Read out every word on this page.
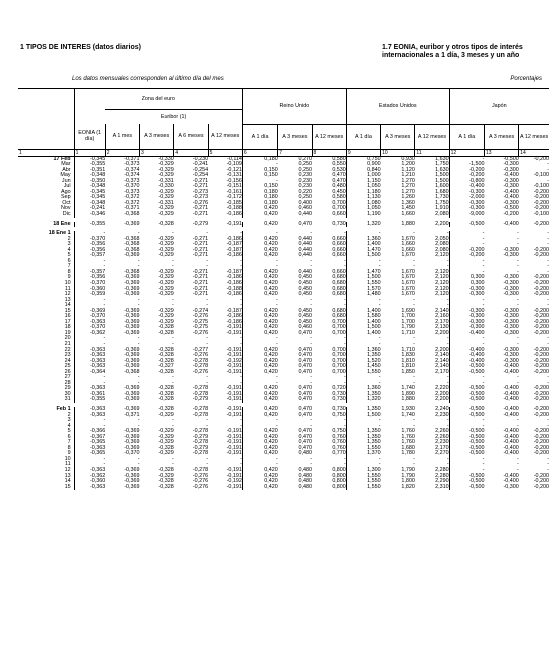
1 TIPOS DE INTERES (datos diarios)	1.7 EONIA, euribor y otros tipos de interés internacionales a 1 día, 3 meses y un año
Los datos mensuales corresponden al último día del mes	Porcentajes
	Zona del euro					Reino Unido			Estados Unidos			Japón		
		Euribor (1)												
	EONIA (1 día)	A 1 mes	A 3 meses	A 6 meses	A 12 meses	A 1 día	A 3 meses	A 12 meses	A 1 día	A 3 meses	A 12 meses	A 1 día	A 3 meses	A 12 meses
1	1	2	3	4	5	6	7	8	9	10	11	12	13	14
17 Feb	-0,345	-0,371	-0,330	-0,230	-0,114	0,180	0,270	0,580	0,750	0,930	1,630	-	-0,500	-0,200
Mar	-0,355	-0,373	-0,329	-0,241	-0,109	-	0,250	0,550	0,900	1,200	1,750	-1,500	-0,300	-
Abr	-0,351	-0,374	-0,329	-0,254	-0,121	0,150	0,250	0,530	0,840	1,120	1,630	-0,200	-0,300	-
May	-0,348	-0,374	-0,329	-0,254	-0,131	0,150	0,230	0,470	1,000	1,210	1,500	-0,200	-0,400	-0,100
Jun	-0,350	-0,373	-0,331	-0,271	-0,156	-	0,230	0,470	1,150	1,270	1,500	-0,800	-0,300	-
Jul	-0,348	-0,370	-0,330	-0,271	-0,151	0,150	0,230	0,480	1,050	1,270	1,600	-0,400	-0,300	-0,100
Ago	-0,345	-0,373	-0,329	-0,273	-0,161	0,180	0,220	0,450	1,180	1,270	1,680	-0,300	-0,400	-0,200
Sep	-0,345	-0,372	-0,329	-0,273	-0,172	0,180	0,250	0,580	1,130	1,260	1,730	-2,000	-0,400	-0,200
Oct	-0,348	-0,372	-0,331	-0,276	-0,185	0,180	0,400	0,700	1,080	1,360	1,750	-0,300	-0,300	-0,200
Nov	-0,241	-0,371	-0,329	-0,271	-0,188	0,420	0,460	0,700	1,050	1,450	1,910	-0,300	-0,500	-0,200
Dic	-0,346	-0,368	-0,329	-0,271	-0,186	0,420	0,440	0,660	1,190	1,660	2,080	-9,000	-0,200	-0,100

18 Ene	-0,355	-0,369	-0,328	-0,279	-0,191	0,420	0,470	0,730	1,320	1,880	2,200	-0,500	-0,400	-0,200

18 Ene 1	-	-	-	-	-	-	-	-	-	-	-	-	-	-
2	-0,370	-0,368	-0,329	-0,271	-0,186	0,420	0,440	0,660	1,360	1,670	2,050	-	-	-
3	-0,356	-0,368	-0,329	-0,271	-0,187	0,420	0,440	0,660	1,400	1,660	2,080	-	-	-
4	-0,356	-0,368	-0,329	-0,271	-0,187	0,420	0,440	0,660	1,470	1,660	2,080	-0,200	-0,300	-0,200
5	-0,357	-0,369	-0,329	-0,271	-0,186	0,420	0,440	0,660	1,500	1,670	2,120	-0,200	-0,300	-0,200
6	-	-	-	-	-	-	-	-	-	-	-	-	-	-
7	-	-	-	-	-	-	-	-	-	-	-	-	-	-
8	-0,357	-0,368	-0,329	-0,271	-0,187	0,420	0,440	0,660	1,470	1,670	2,120	-	-	-
9	-0,356	-0,369	-0,329	-0,271	-0,186	0,420	0,450	0,680	1,500	1,670	2,120	0,300	-0,300	-0,200
10	-0,370	-0,369	-0,329	-0,271	-0,186	0,420	0,450	0,680	1,550	1,670	2,120	0,300	-0,300	-0,200
11	-0,360	-0,369	-0,329	-0,271	-0,188	0,420	0,450	0,680	1,570	1,670	2,120	-0,300	-0,300	-0,200
12	-0,359	-0,369	-0,329	-0,271	-0,186	0,420	0,450	0,680	1,480	1,670	2,120	-0,300	-0,300	-0,200
13	-	-	-	-	-	-	-	-	-	-	-	-	-	-
14	-	-	-	-	-	-	-	-	-	-	-	-	-	-
15	-0,369	-0,369	-0,329	-0,274	-0,187	0,420	0,450	0,680	1,400	1,690	2,140	-0,300	-0,300	-0,200
16	-0,370	-0,369	-0,329	-0,276	-0,186	0,420	0,450	0,680	1,580	1,700	2,160	-0,300	-0,300	-0,200
17	-0,363	-0,369	-0,329	-0,275	-0,186	0,420	0,450	0,700	1,400	1,700	2,170	-0,300	-0,300	-0,200
18	-0,370	-0,369	-0,328	-0,275	-0,191	0,420	0,460	0,700	1,500	1,790	2,130	-0,300	-0,300	-0,200
19	-0,362	-0,369	-0,328	-0,276	-0,191	0,420	0,470	0,700	1,400	1,710	2,200	-0,400	-0,300	-0,200
20	-	-	-	-	-	-	-	-	-	-	-	-	-	-
21	-	-	-	-	-	-	-	-	-	-	-	-	-	-
22	-0,363	-0,369	-0,328	-0,277	-0,191	0,420	0,470	0,700	1,360	1,710	2,200	-0,400	-0,300	-0,200
23	-0,363	-0,369	-0,328	-0,276	-0,191	0,420	0,470	0,700	1,350	1,830	2,140	-0,400	-0,300	-0,200
24	-0,363	-0,369	-0,328	-0,278	-0,192	0,420	0,470	0,700	1,520	1,810	2,140	-0,400	-0,300	-0,200
25	-0,363	-0,369	-0,327	-0,278	-0,191	0,420	0,470	0,700	1,450	1,810	2,140	-0,500	-0,400	-0,200
26	-0,364	-0,368	-0,328	-0,276	-0,191	0,420	0,470	0,700	1,550	1,850	2,170	-0,500	-0,400	-0,200
27	-	-	-	-	-	-	-	-	-	-	-	-	-	-
28	-	-	-	-	-	-	-	-	-	-	-	-	-	-
29	-0,363	-0,369	-0,328	-0,278	-0,191	0,420	0,470	0,720	1,360	1,740	2,220	-0,500	-0,400	-0,200
30	-0,361	-0,369	-0,328	-0,278	-0,191	0,420	0,470	0,730	1,350	1,890	2,200	-0,500	-0,400	-0,200
31	-0,355	-0,369	-0,328	-0,279	-0,191	0,420	0,470	0,730	1,320	1,880	2,200	-0,500	-0,400	-0,200

Feb 1	-0,363	-0,369	-0,328	-0,278	-0,191	0,420	0,470	0,730	1,350	1,930	2,240	-0,500	-0,400	-0,200
2	-0,363	-0,371	-0,329	-0,278	-0,191	0,420	0,470	0,750	1,500	1,740	2,230	-0,500	-0,400	-0,200
3	-	-	-	-	-	-	-	-	-	-	-	-	-	-
4	-	-	-	-	-	-	-	-	-	-	-	-	-	-
5	-0,366	-0,369	-0,329	-0,278	-0,191	0,420	0,470	0,750	1,350	1,760	2,260	-0,500	-0,400	-0,200
6	-0,367	-0,369	-0,329	-0,279	-0,191	0,420	0,470	0,760	1,350	1,760	2,260	-0,500	-0,400	-0,200
7	-0,365	-0,369	-0,329	-0,278	-0,191	0,420	0,470	0,760	1,350	1,760	2,230	-0,500	-0,400	-0,200
8	-0,363	-0,369	-0,328	-0,279	-0,191	0,420	0,470	0,760	1,550	1,680	2,170	-0,500	-0,400	-0,200
9	-0,365	-0,370	-0,329	-0,278	-0,191	0,420	0,480	0,770	1,370	1,780	2,270	-0,500	-0,400	-0,200
10	-	-	-	-	-	-	-	-	-	-	-	-	-	-
11	-	-	-	-	-	-	-	-	-	-	-	-	-	-
12	-0,363	-0,369	-0,328	-0,278	-0,191	0,420	0,480	0,800	1,300	1,790	2,280	-	-	-
13	-0,362	-0,369	-0,329	-0,276	-0,191	0,420	0,480	0,800	1,550	1,790	2,280	-0,500	-0,400	-0,200
14	-0,360	-0,369	-0,328	-0,276	-0,192	0,420	0,480	0,800	1,550	1,800	2,290	-0,500	-0,400	-0,200
15	-0,363	-0,369	-0,328	-0,276	-0,191	0,420	0,480	0,800	1,550	1,820	2,310	-0,500	-0,300	-0,200
